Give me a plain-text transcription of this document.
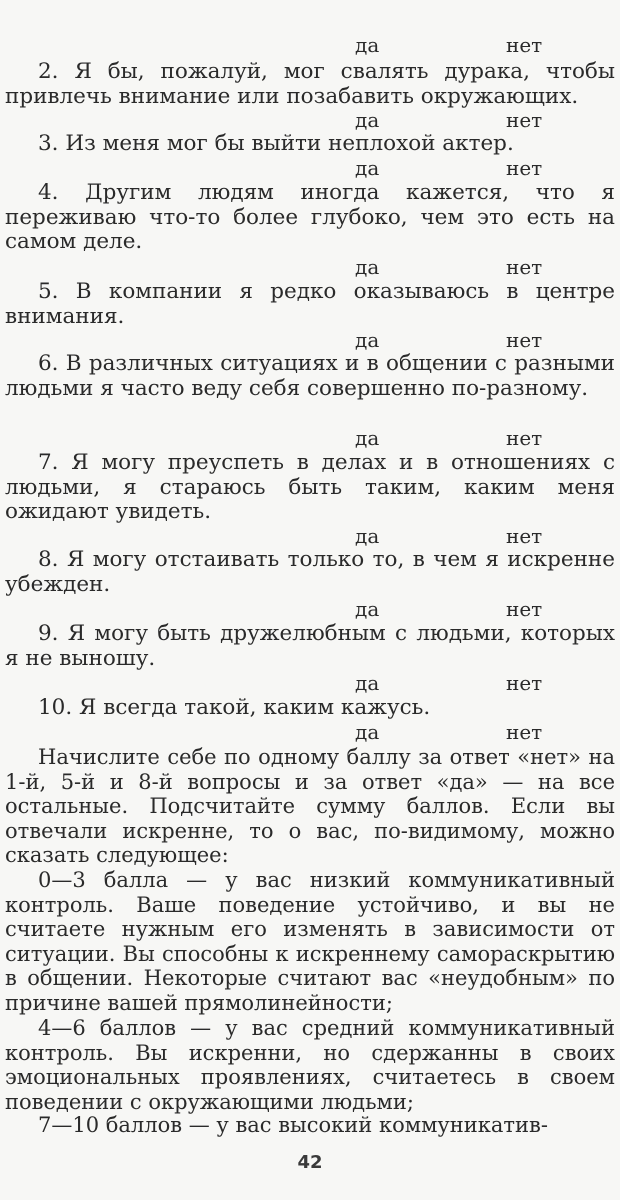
да	нет

2. Я бы, пожалуй, мог свалять дурака, чтобы привлечь внимание или позабавить окружающих.

да	нет

3. Из меня мог бы выйти неплохой актер.

да	нет

4. Другим людям иногда кажется, что я переживаю что-то более глубоко, чем это есть на самом деле.

да	нет

5. В компании я редко оказываюсь в центре внимания.

да	нет

6. В различных ситуациях и в общении с разными людьми я часто веду себя совершенно по-разному.

да	нет

7. Я могу преуспеть в делах и в отношениях с людьми, я стараюсь быть таким, каким меня ожидают увидеть.

да	нет

8. Я могу отстаивать только то, в чем я искренне убежден.

да	нет

9. Я могу быть дружелюбным с людьми, которых я не выношу.

да	нет

10. Я всегда такой, каким кажусь.

да	нет

Начислите себе по одному баллу за ответ «нет» на 1-й, 5-й и 8-й вопросы и за ответ «да» — на все остальные. Подсчитайте сумму баллов. Если вы отвечали искренне, то о вас, по-видимому, можно сказать следующее:

0—3 балла — у вас низкий коммуникативный контроль. Ваше поведение устойчиво, и вы не считаете нужным его изменять в зависимости от ситуации. Вы способны к искреннему самораскрытию в общении. Некоторые считают вас «неудобным» по причине вашей прямолинейности;

4—6 баллов — у вас средний коммуникативный контроль. Вы искренни, но сдержанны в своих эмоциональных проявлениях, считаетесь в своем поведении с окружающими людьми;

7—10 баллов — у вас высокий коммуникатив-

42
